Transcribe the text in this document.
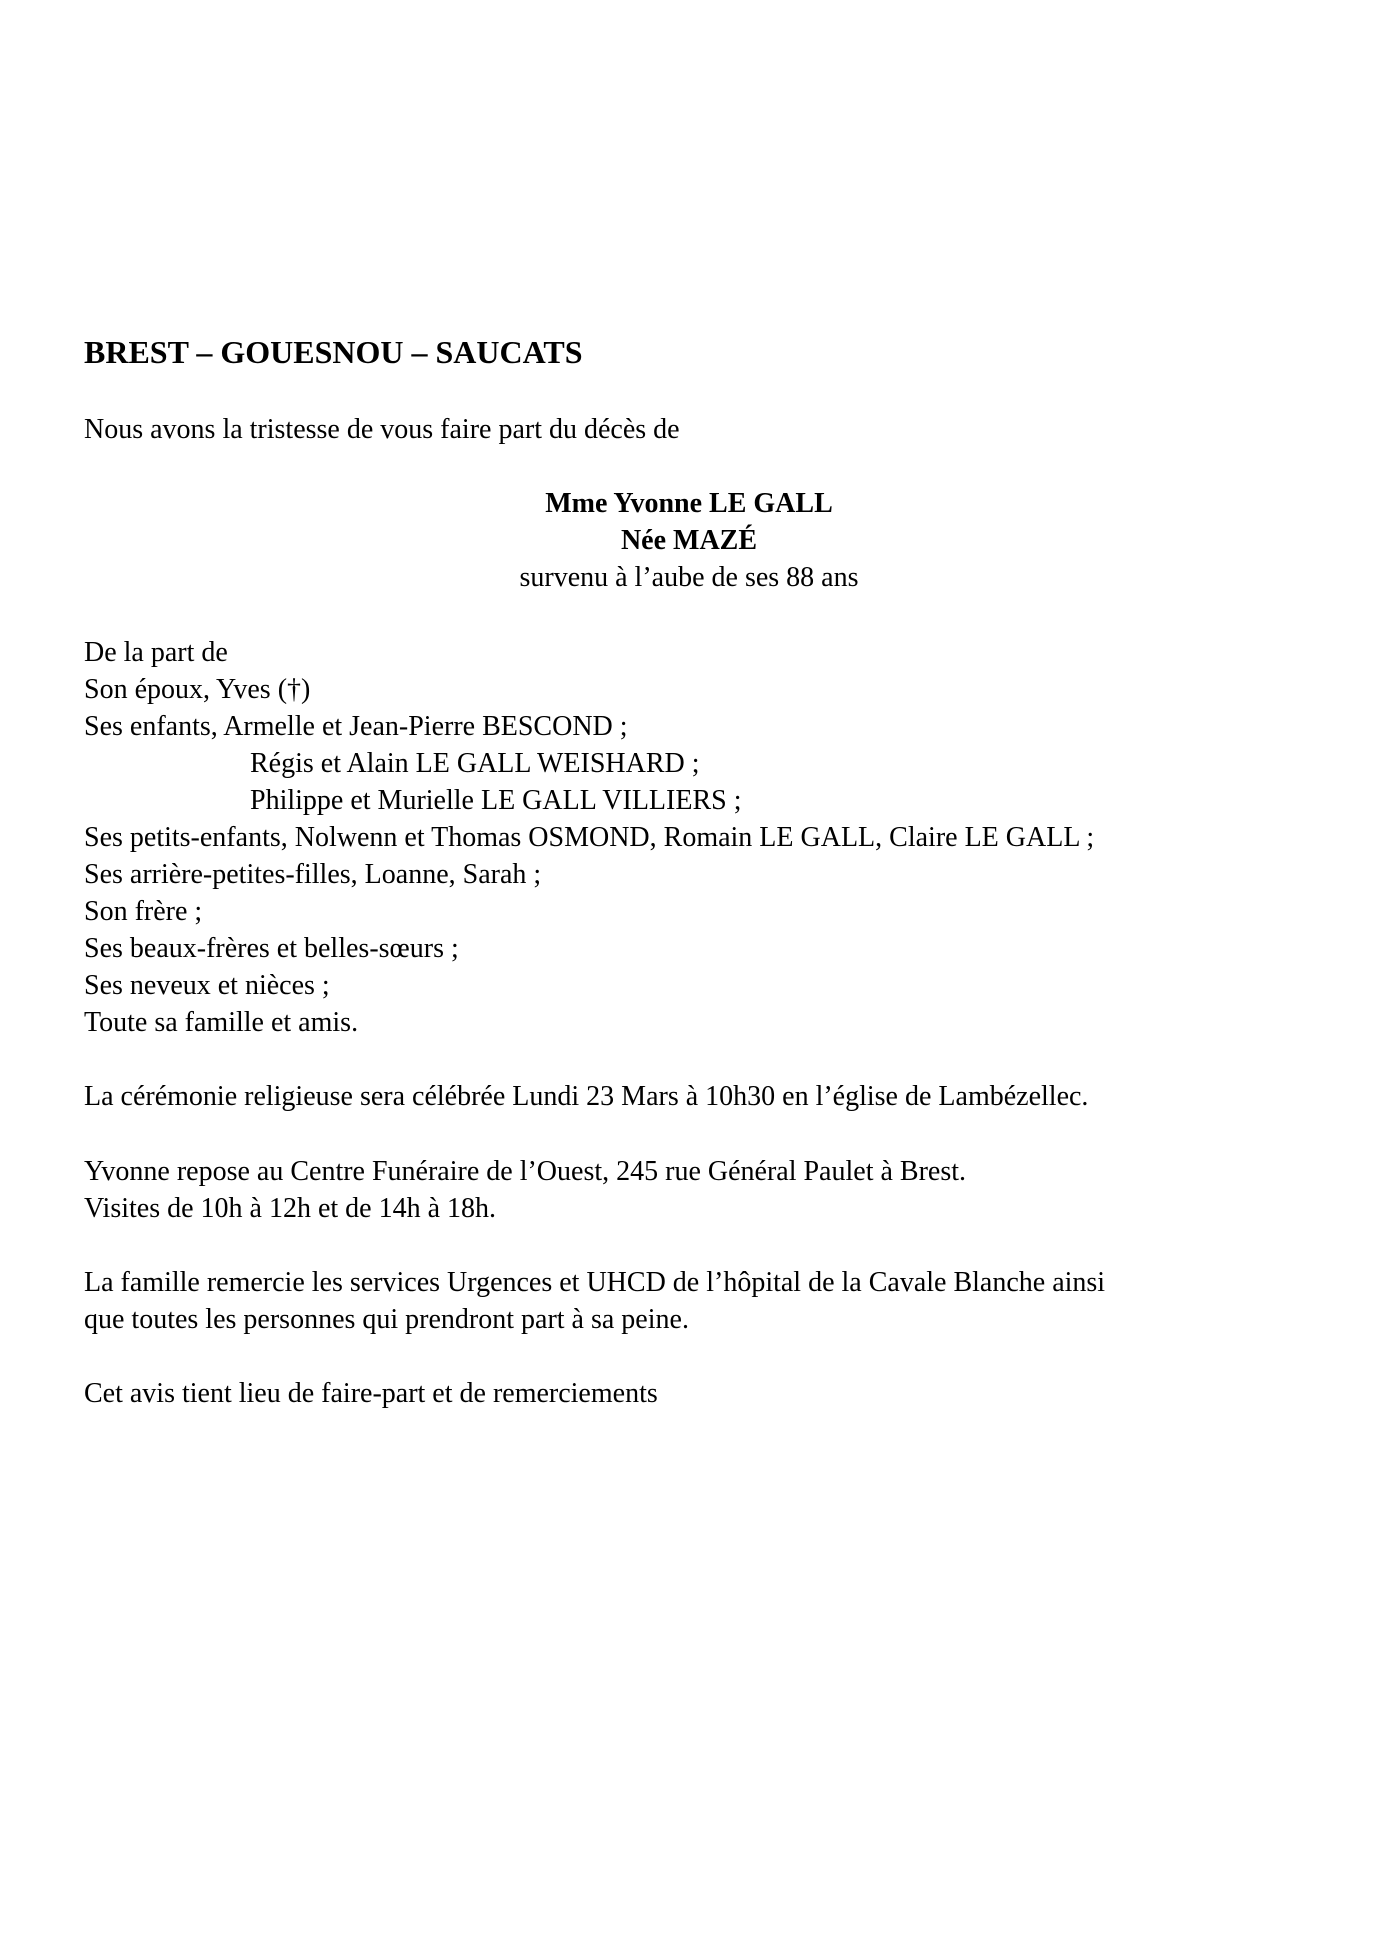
BREST – GOUESNOU – SAUCATS
Nous avons la tristesse de vous faire part du décès de
Mme Yvonne LE GALL
Née MAZÉ
survenu à l’aube de ses 88 ans
De la part de
Son époux, Yves (†)
Ses enfants, Armelle et Jean-Pierre BESCOND ;
Régis et Alain LE GALL WEISHARD ;
Philippe et Murielle LE GALL VILLIERS ;
Ses petits-enfants, Nolwenn et Thomas OSMOND, Romain LE GALL, Claire LE GALL ;
Ses arrière-petites-filles, Loanne, Sarah ;
Son frère ;
Ses beaux-frères et belles-sœurs ;
Ses neveux et nièces ;
Toute sa famille et amis.
La cérémonie religieuse sera célébrée Lundi 23 Mars à 10h30 en l’église de Lambézellec.
Yvonne repose au Centre Funéraire de l’Ouest, 245 rue Général Paulet à Brest.
Visites de 10h à 12h et de 14h à 18h.
La famille remercie les services Urgences et UHCD de l’hôpital de la Cavale Blanche ainsi
que toutes les personnes qui prendront part à sa peine.
Cet avis tient lieu de faire-part et de remerciements
